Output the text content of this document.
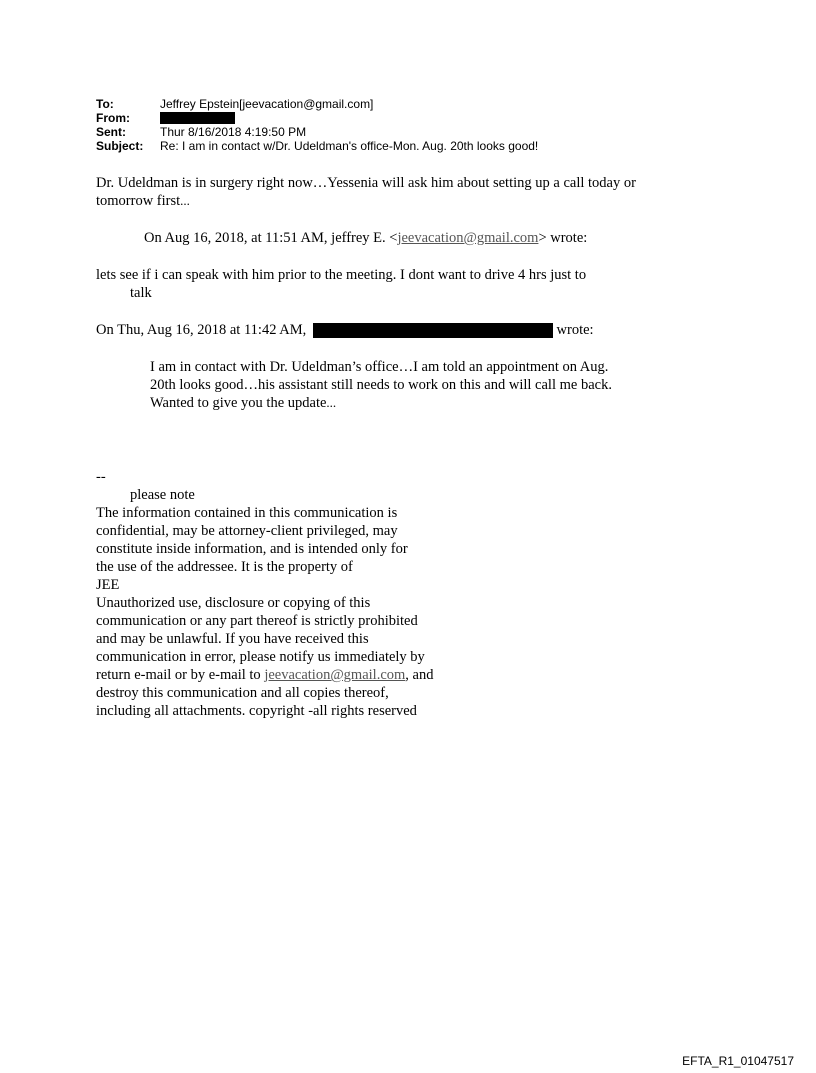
To:	Jeffrey Epstein[jeevacation@gmail.com]
From:
Sent:	Thur 8/16/2018 4:19:50 PM
Subject:	Re: I am in contact w/Dr. Udeldman's office-Mon. Aug. 20th looks good!
Dr. Udeldman is in surgery right now…Yessenia will ask him about setting up a call today or
tomorrow first...
On Aug 16, 2018, at 11:51 AM, jeffrey E. <jeevacation@gmail.com> wrote:
lets see if i can speak with him prior to the meeting. I dont want to drive 4 hrs just to
talk
On Thu, Aug 16, 2018 at 11:42 AM,	wrote:
I am in contact with Dr. Udeldman’s office…I am told an appointment on Aug.
20th looks good…his assistant still needs to work on this and will call me back.
Wanted to give you the update...
--
please note
The information contained in this communication is
confidential, may be attorney-client privileged, may
constitute inside information, and is intended only for
the use of the addressee. It is the property of
JEE
Unauthorized use, disclosure or copying of this
communication or any part thereof is strictly prohibited
and may be unlawful. If you have received this
communication in error, please notify us immediately by
return e-mail or by e-mail to jeevacation@gmail.com, and
destroy this communication and all copies thereof,
including all attachments. copyright -all rights reserved
EFTA_R1_01047517
